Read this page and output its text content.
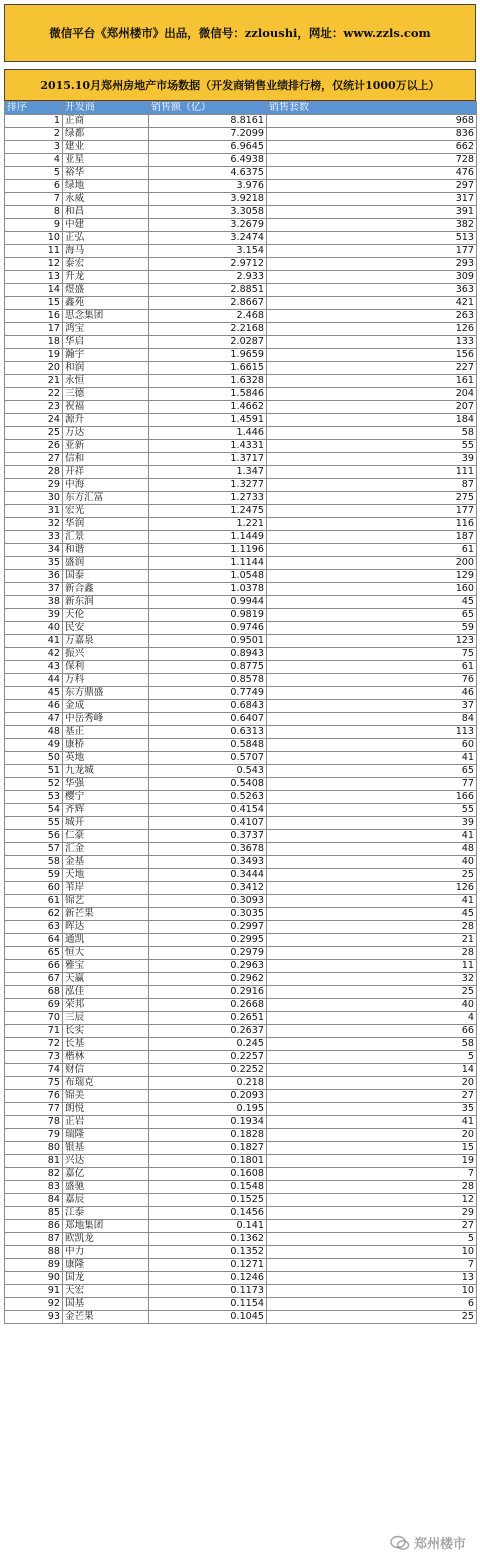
微信平台《郑州楼市》出品，微信号：zzloushi，网址：www.zzls.com
2015.10月郑州房地产市场数据（开发商销售业绩排行榜，仅统计1000万以上）
排序	开发商	销售额（亿）	销售套数
1	正商	8.8161	968
2	绿都	7.2099	836
3	建业	6.9645	662
4	亚星	6.4938	728
5	裕华	4.6375	476
6	绿地	3.976	297
7	永威	3.9218	317
8	和昌	3.3058	391
9	中建	3.2679	382
10	正弘	3.2474	513
11	海马	3.154	177
12	泰宏	2.9712	293
13	升龙	2.933	309
14	煜盛	2.8851	363
15	鑫苑	2.8667	421
16	思念集团	2.468	263
17	鸿宝	2.2168	126
18	华启	2.0287	133
19	瀚宇	1.9659	156
20	和润	1.6615	227
21	永恒	1.6328	161
22	三德	1.5846	204
23	祝福	1.4662	207
24	源升	1.4591	184
25	万达	1.446	58
26	亚新	1.4331	55
27	信和	1.3717	39
28	开祥	1.347	111
29	中海	1.3277	87
30	东方汇富	1.2733	275
31	宏光	1.2475	177
32	华润	1.221	116
33	汇景	1.1449	187
34	和谐	1.1196	61
35	盛润	1.1144	200
36	国泰	1.0548	129
37	新合鑫	1.0378	160
38	新东润	0.9944	45
39	天伦	0.9819	65
40	民安	0.9746	59
41	万嘉泉	0.9501	123
42	振兴	0.8943	75
43	保利	0.8775	61
44	万科	0.8578	76
45	东方鼎盛	0.7749	46
46	金成	0.6843	37
47	中岳秀峰	0.6407	84
48	基正	0.6313	113
49	康桥	0.5848	60
50	英地	0.5707	41
51	九龙城	0.543	65
52	华强	0.5408	77
53	樱宁	0.5263	166
54	齐辉	0.4154	55
55	城开	0.4107	39
56	仁豪	0.3737	41
57	汇金	0.3678	48
58	金基	0.3493	40
59	天地	0.3444	25
60	苇岸	0.3412	126
61	锦艺	0.3093	41
62	新芒果	0.3035	45
63	晖达	0.2997	28
64	通凯	0.2995	21
65	恒大	0.2979	28
66	雅宝	0.2963	11
67	天赢	0.2962	32
68	泓佳	0.2916	25
69	荣邦	0.2668	40
70	三辰	0.2651	4
71	长实	0.2637	66
72	长基	0.245	58
73	楷林	0.2257	5
74	财信	0.2252	14
75	布瑞克	0.218	20
76	锦美	0.2093	27
77	朗悦	0.195	35
78	正岩	0.1934	41
79	瑞隆	0.1828	20
80	银基	0.1827	15
81	兴达	0.1801	19
82	嘉亿	0.1608	7
83	盛驰	0.1548	28
84	嘉辰	0.1525	12
85	江泰	0.1456	29
86	郑地集团	0.141	27
87	欧凯龙	0.1362	5
88	中力	0.1352	10
89	康隆	0.1271	7
90	国龙	0.1246	13
91	天宏	0.1173	10
92	国基	0.1154	6
93	金芒果	0.1045	25
郑州楼市
